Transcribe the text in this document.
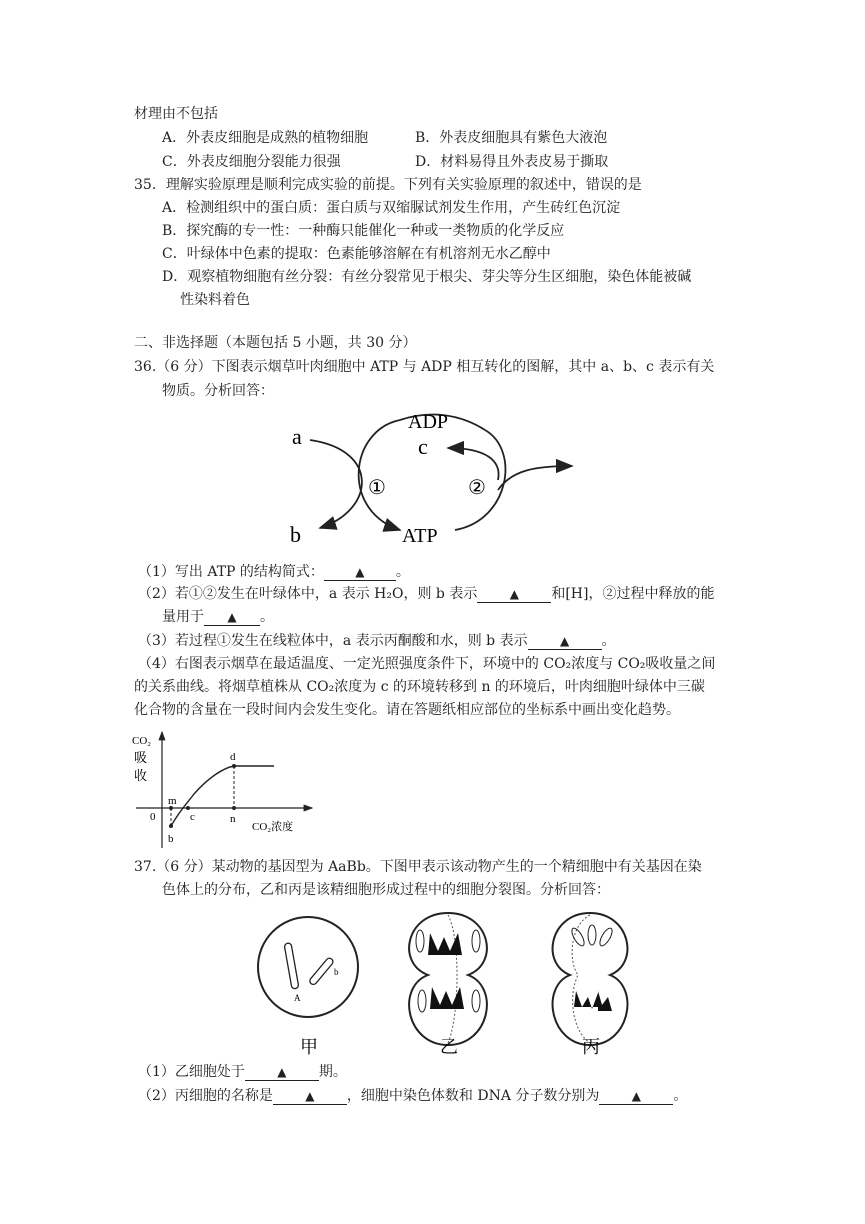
材理由不包括
A．外表皮细胞是成熟的植物细胞	B．外表皮细胞具有紫色大液泡
C．外表皮细胞分裂能力很强	D．材料易得且外表皮易于撕取
35．理解实验原理是顺利完成实验的前提。下列有关实验原理的叙述中，错误的是
A．检测组织中的蛋白质：蛋白质与双缩脲试剂发生作用，产生砖红色沉淀
B．探究酶的专一性：一种酶只能催化一种或一类物质的化学反应
C．叶绿体中色素的提取：色素能够溶解在有机溶剂无水乙醇中
D．观察植物细胞有丝分裂：有丝分裂常见于根尖、芽尖等分生区细胞，染色体能被碱
性染料着色
二、非选择题（本题包括 5 小题，共 30 分）
36.（6 分）下图表示烟草叶肉细胞中 ATP 与 ADP 相互转化的图解，其中 a、b、c 表示有关
物质。分析回答：
ADP
ATP
a
b
c
①	②
（1）写出 ATP 的结构简式：	▲ 。
（2）若①②发生在叶绿体中，a 表示 H₂O，则 b 表示	▲ 和[H]，②过程中释放的能
量用于 ▲ 。
（3）若过程①发生在线粒体中，a 表示丙酮酸和水，则 b 表示	▲ 。
（4）右图表示烟草在最适温度、一定光照强度条件下，环境中的 CO₂浓度与 CO₂吸收量之间
的关系曲线。将烟草植株从 CO₂浓度为 c 的环境转移到 n 的环境后，叶肉细胞叶绿体中三碳
化合物的含量在一段时间内会发生变化。请在答题纸相应部位的坐标系中画出变化趋势。
CO₂
吸
收
0
m
b
c	n
d
CO₂浓度
37.（6 分）某动物的基因型为 AaBb。下图甲表示该动物产生的一个精细胞中有关基因在染
色体上的分布，乙和丙是该精细胞形成过程中的细胞分裂图。分析回答：
A
b
甲	乙	丙
（1）乙细胞处于	▲ 期。
（2）丙细胞的名称是	▲ ，细胞中染色体数和 DNA 分子数分别为	▲ 。
